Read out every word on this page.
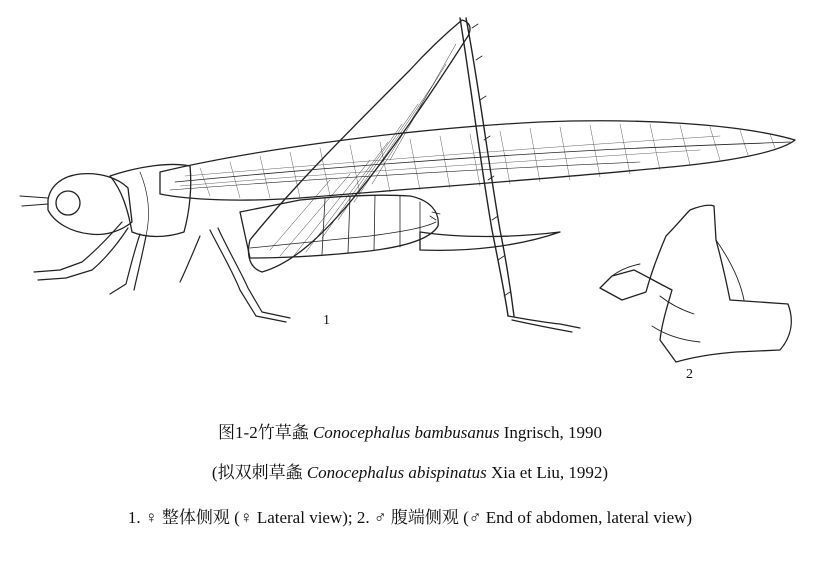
1
2
图1-2竹草螽 Conocephalus bambusanus Ingrisch, 1990
(拟双刺草螽 Conocephalus abispinatus Xia et Liu, 1992)
1. ♀ 整体侧观 (♀ Lateral view); 2. ♂ 腹端侧观 (♂ End of abdomen, lateral view)
